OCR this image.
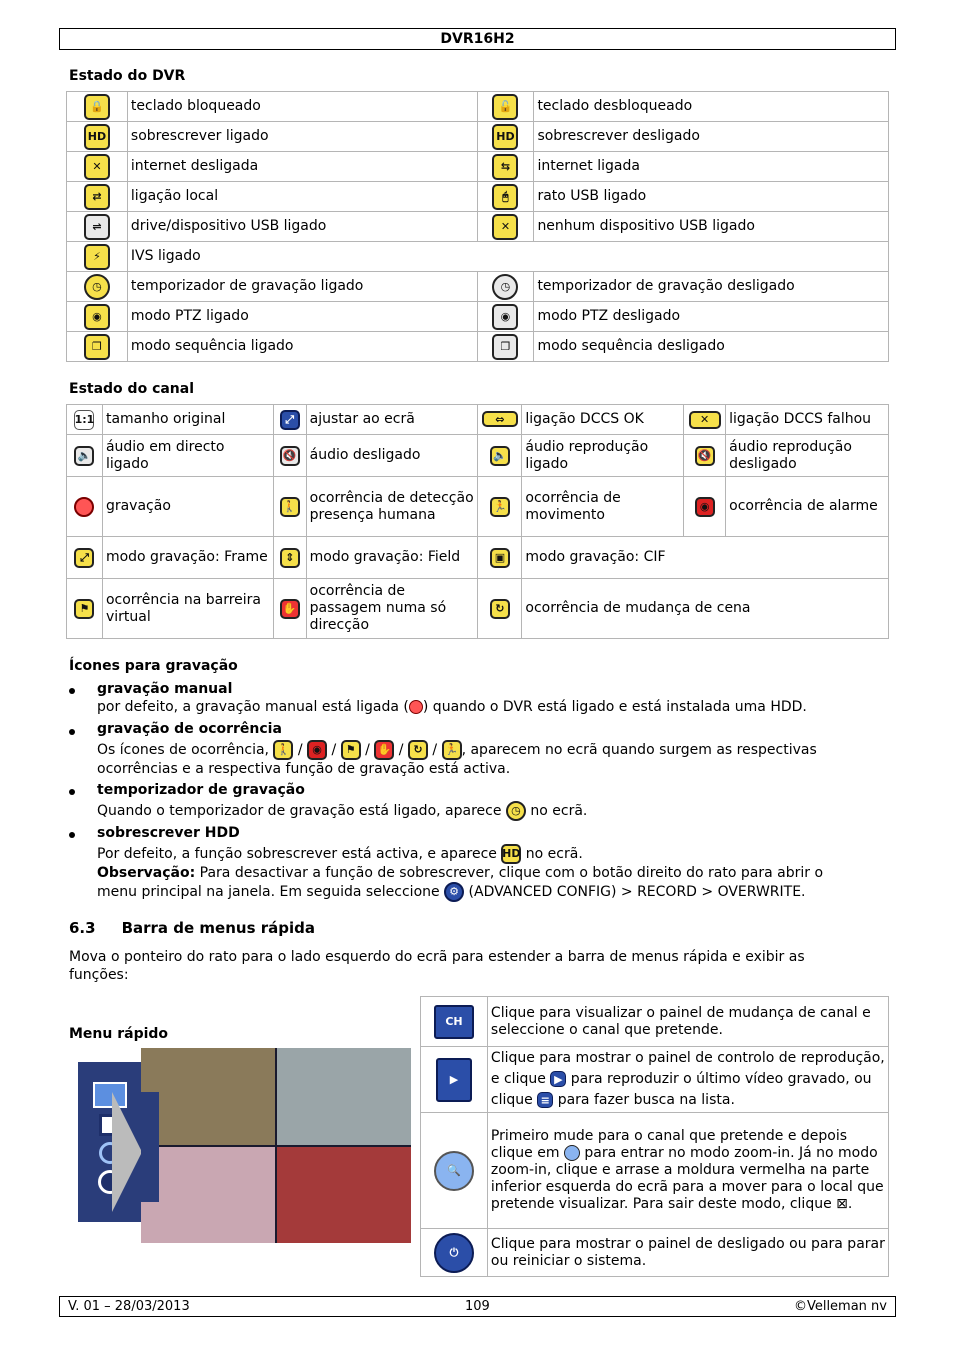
DVR16H2
Estado do DVR
🔒	teclado bloqueado	🔓	teclado desbloqueado
HD	sobrescrever ligado	HD	sobrescrever desligado
✕	internet desligada	⇆	internet ligada
⇄	ligação local	🖰	rato USB ligado
⇌	drive/dispositivo USB ligado	✕	nenhum dispositivo USB ligado
⚡	IVS ligado		
◷	temporizador de gravação ligado	◷	temporizador de gravação desligado
◉	modo PTZ ligado	◉	modo PTZ desligado
❐	modo sequência ligado	❐	modo sequência desligado
Estado do canal
1:1	tamanho original	⤢	ajustar ao ecrã	⇔	ligação DCCS OK	✕	ligação DCCS falhou
🔈	áudio em directo ligado	🔇	áudio desligado	🔈	áudio reprodução ligado	🔇	áudio reprodução desligado
	gravação	🚶	ocorrência de detecção presença humana	🏃	ocorrência de movimento	◉	ocorrência de alarme
⤢	modo gravação: Frame	⇕	modo gravação: Field	▣	modo gravação: CIF		
⚑	ocorrência na barreira virtual	✋	ocorrência de passagem numa só direcção	↻	ocorrência de mudança de cena		
Ícones para gravação
gravação manual
por defeito, a gravação manual está ligada ( ) quando o DVR está ligado e está instalada uma HDD.
gravação de ocorrência
Os ícones de ocorrência, 🚶 / ◉ / ⚑ / ✋ / ↻ / 🏃, aparecem no ecrã quando surgem as respectivas
ocorrências e a respectiva função de gravação está activa.
temporizador de gravação
Quando o temporizador de gravação está ligado, aparece ◷ no ecrã.
sobrescrever HDD
Por defeito, a função sobrescrever está activa, e aparece HD no ecrã.
Observação: Para desactivar a função de sobrescrever, clique com o botão direito do rato para abrir o
menu principal na janela. Em seguida seleccione ⚙ (ADVANCED CONFIG) > RECORD > OVERWRITE.
6.3 Barra de menus rápida
Mova o ponteiro do rato para o lado esquerdo do ecrã para estender a barra de menus rápida e exibir as
funções:
Menu rápido
CH	Clique para visualizar o painel de mudança de canal e seleccione o canal que pretende.
▶	Clique para mostrar o painel de controlo de reprodução, e clique ▶ para reproduzir o último vídeo gravado, ou clique ≡ para fazer busca na lista.
🔍	Primeiro mude para o canal que pretende e depois clique em para entrar no modo zoom-in. Já no modo zoom-in, clique e arrase a moldura vermelha na parte inferior esquerda do ecrã para a mover para o local que pretende visualizar. Para sair deste modo, clique ⊠.
⏻	Clique para mostrar o painel de desligado ou para parar ou reiniciar o sistema.
V. 01 – 28/03/2013	109	©Velleman nv
